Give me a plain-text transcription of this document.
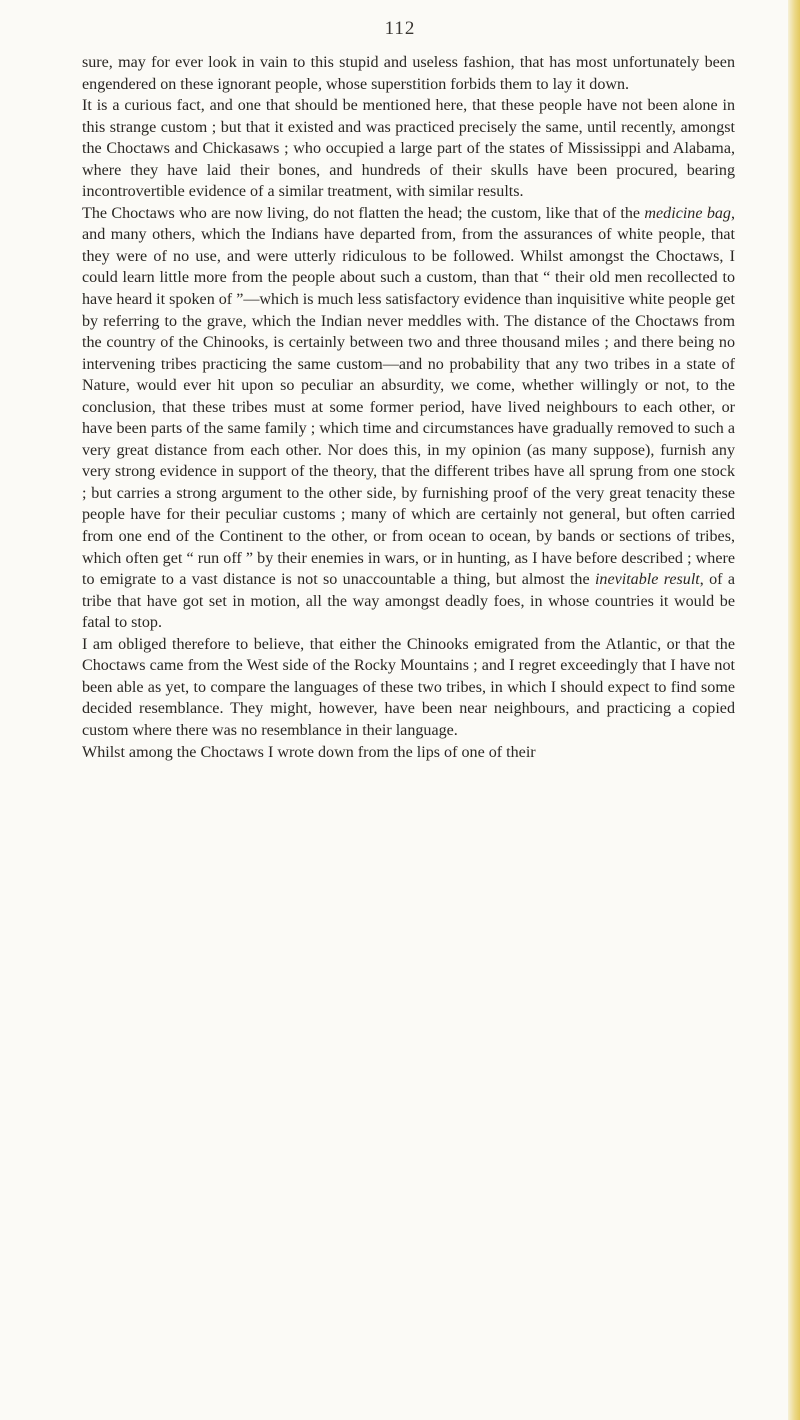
112

sure, may for ever look in vain to this stupid and useless fashion, that has most unfortunately been engendered on these ignorant people, whose superstition forbids them to lay it down.

It is a curious fact, and one that should be mentioned here, that these people have not been alone in this strange custom ; but that it existed and was practiced precisely the same, until recently, amongst the Choctaws and Chickasaws ; who occupied a large part of the states of Mississippi and Alabama, where they have laid their bones, and hundreds of their skulls have been procured, bearing incontrovertible evidence of a similar treatment, with similar results.

The Choctaws who are now living, do not flatten the head; the custom, like that of the medicine bag, and many others, which the Indians have departed from, from the assurances of white people, that they were of no use, and were utterly ridiculous to be followed. Whilst amongst the Choctaws, I could learn little more from the people about such a custom, than that “ their old men recollected to have heard it spoken of ”—which is much less satisfactory evidence than inquisitive white people get by referring to the grave, which the Indian never meddles with. The distance of the Choctaws from the country of the Chinooks, is certainly between two and three thousand miles ; and there being no intervening tribes practicing the same custom—and no probability that any two tribes in a state of Nature, would ever hit upon so peculiar an absurdity, we come, whether willingly or not, to the conclusion, that these tribes must at some former period, have lived neighbours to each other, or have been parts of the same family ; which time and circumstances have gradually removed to such a very great distance from each other. Nor does this, in my opinion (as many suppose), furnish any very strong evidence in support of the theory, that the different tribes have all sprung from one stock ; but carries a strong argument to the other side, by furnishing proof of the very great tenacity these people have for their peculiar customs ; many of which are certainly not general, but often carried from one end of the Continent to the other, or from ocean to ocean, by bands or sections of tribes, which often get “ run off ” by their enemies in wars, or in hunting, as I have before described ; where to emigrate to a vast distance is not so unaccountable a thing, but almost the inevitable result, of a tribe that have got set in motion, all the way amongst deadly foes, in whose countries it would be fatal to stop.

I am obliged therefore to believe, that either the Chinooks emigrated from the Atlantic, or that the Choctaws came from the West side of the Rocky Mountains ; and I regret exceedingly that I have not been able as yet, to compare the languages of these two tribes, in which I should expect to find some decided resemblance. They might, however, have been near neighbours, and practicing a copied custom where there was no resemblance in their language.

Whilst among the Choctaws I wrote down from the lips of one of their
